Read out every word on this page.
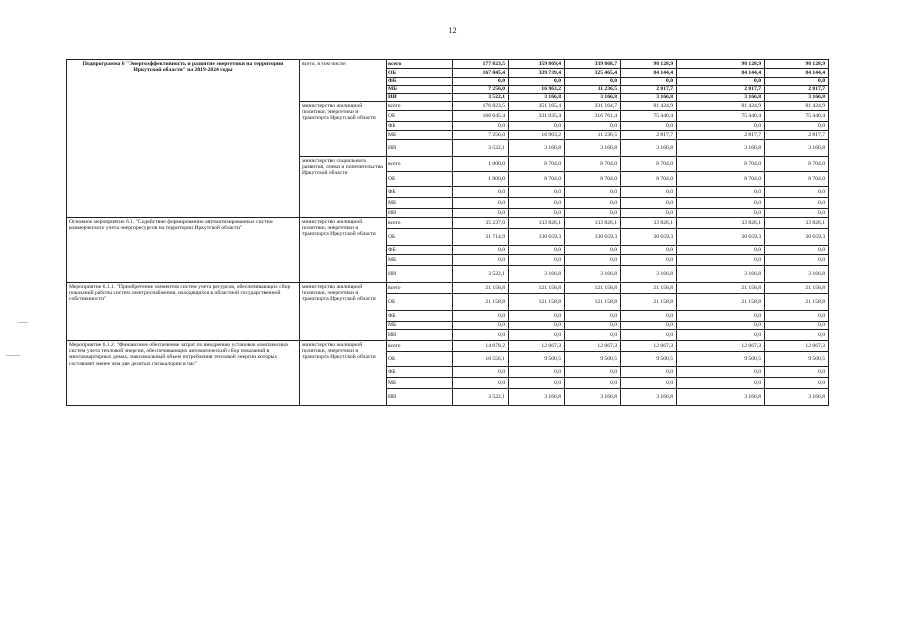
12
Подпрограмма 6 "Энергоэффективность и развитие энергетики на территории Иркутской области" на 2019-2024 годы	всего, в том числе:	всего	177 823,5	359 869,4	339 868,7	90 128,9	90 128,9	90 128,9
		ОБ	167 045,4	339 739,4	325 465,4	84 144,4	84 144,4	84 144,4
		ФБ	0,0	0,0	0,0	0,0	0,0	0,0
		МБ	7 256,0	16 963,2	11 236,5	2 817,7	2 817,7	2 817,7
		ИИ	3 522,1	3 166,8	3 166,8	3 166,8	3 166,8	3 166,8
	министерство жилищной политики, энергетики и транспорта Иркутской области	всего	176 823,5	351 165,4	331 164,7	81 424,9	81 424,9	81 424,9
		ОБ	166 045,4	331 035,4	316 761,4	75 440,4	75 440,4	75 440,4
		ФБ	0,0	0,0	0,0	0,0	0,0	0,0
		МБ	7 256,0	16 963,2	11 236,5	2 817,7	2 817,7	2 817,7
		ИИ	3 522,1	3 166,8	3 166,8	3 166,8	3 166,8	3 166,8
	министерство социального развития, опеки и попечительства Иркутской области	всего	1 000,0	8 704,0	8 704,0	8 704,0	8 704,0	8 704,0
		ОБ	1 000,0	8 704,0	8 704,0	8 704,0	8 704,0	8 704,0
		ФБ	0,0	0,0	0,0	0,0	0,0	0,0
		МБ	0,0	0,0	0,0	0,0	0,0	0,0
		ИИ	0,0	0,0	0,0	0,0	0,0	0,0
Основное мероприятие 6.1. "Содействие формированию автоматизированных систем коммерческого учета энергоресурсов на территории Иркутской области"	министерство жилищной политики, энергетики и транспорта Иркутской области	всего	35 237,0	133 826,1	133 826,1	33 826,1	33 826,1	33 826,1
		ОБ	31 714,9	130 659,3	130 659,3	30 659,3	30 659,3	30 659,3
		ФБ	0,0	0,0	0,0	0,0	0,0	0,0
		МБ	0,0	0,0	0,0	0,0	0,0	0,0
		ИИ	3 522,1	3 166,8	3 166,8	3 166,8	3 166,8	3 166,8
Мероприятие 6.1.1. "Приобретение элементов систем учета ресурсов, обеспечивающих сбор показаний работы систем электроснабжения, находящихся в областной государственной собственности"	министерство жилищной политики, энергетики и транспорта Иркутской области	всего	21 158,8	121 158,8	121 158,8	21 158,8	21 158,8	21 158,8
		ОБ	21 158,8	121 158,8	121 158,8	21 158,8	21 158,8	21 158,8
		ФБ	0,0	0,0	0,0	0,0	0,0	0,0
		МБ	0,0	0,0	0,0	0,0	0,0	0,0
		ИИ	0,0	0,0	0,0	0,0	0,0	0,0
Мероприятие 6.1.2. "Финансовое обеспечение затрат по внедрению установок комплексных систем учета тепловой энергии, обеспечивающих автоматический сбор показаний в многоквартирных домах, максимальный объем потребления тепловой энергии которых составляет менее чем две десятых гигакалории в час"	министерство жилищной политики, энергетики и транспорта Иркутской области	всего	14 078,2	12 667,3	12 667,3	12 667,3	12 667,3	12 667,3
		ОБ	10 556,1	9 500,5	9 500,5	9 500,5	9 500,5	9 500,5
		ФБ	0,0	0,0	0,0	0,0	0,0	0,0
		МБ	0,0	0,0	0,0	0,0	0,0	0,0
		ИИ	3 522,1	3 166,8	3 166,8	3 166,8	3 166,8	3 166,8
